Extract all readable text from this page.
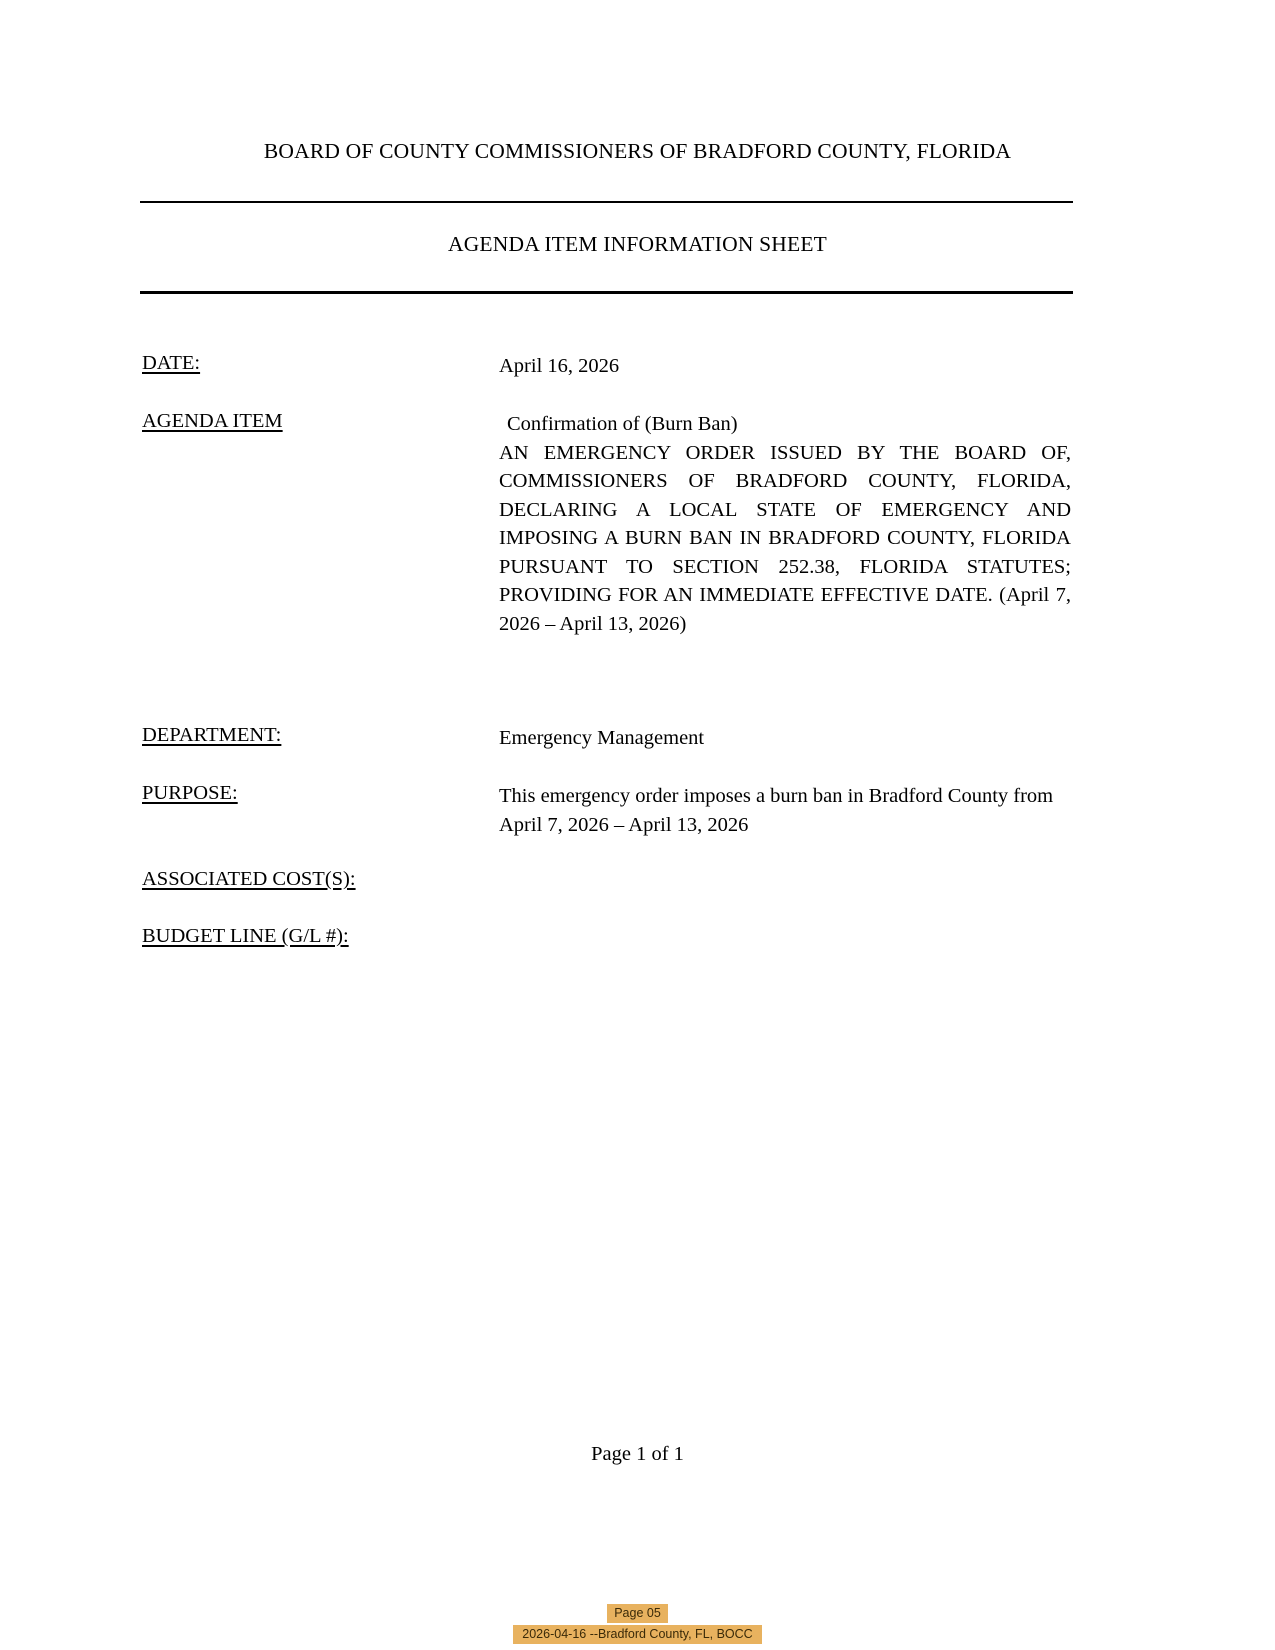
BOARD OF COUNTY COMMISSIONERS OF BRADFORD COUNTY, FLORIDA
AGENDA ITEM INFORMATION SHEET
DATE:	April 16, 2026
AGENDA ITEM	Confirmation of (Burn Ban)
AN EMERGENCY ORDER ISSUED BY THE BOARD OF, COMMISSIONERS OF BRADFORD COUNTY, FLORIDA, DECLARING A LOCAL STATE OF EMERGENCY AND IMPOSING A BURN BAN IN BRADFORD COUNTY, FLORIDA PURSUANT TO SECTION 252.38, FLORIDA STATUTES; PROVIDING FOR AN IMMEDIATE EFFECTIVE DATE. (April 7, 2026 – April 13, 2026)
DEPARTMENT:	Emergency Management
PURPOSE:	This emergency order imposes a burn ban in Bradford County from April 7, 2026 – April 13, 2026
ASSOCIATED COST(S):
BUDGET LINE (G/L #):
Page 1 of 1
Page 05
2026-04-16 --Bradford County, FL, BOCC
